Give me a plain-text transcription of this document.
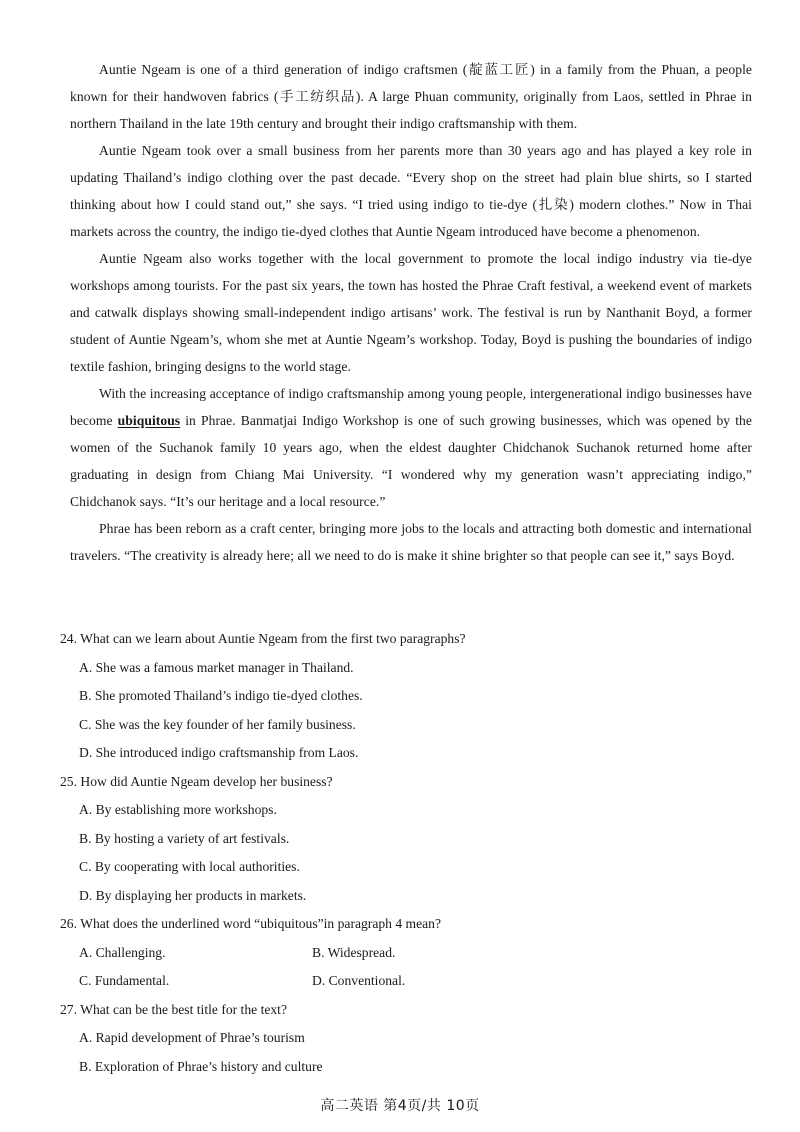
Auntie Ngeam is one of a third generation of indigo craftsmen (靛蓝工匠) in a family from the Phuan, a people known for their handwoven fabrics (手工纺织品). A large Phuan community, originally from Laos, settled in Phrae in northern Thailand in the late 19th century and brought their indigo craftsmanship with them.

Auntie Ngeam took over a small business from her parents more than 30 years ago and has played a key role in updating Thailand’s indigo clothing over the past decade. “Every shop on the street had plain blue shirts, so I started thinking about how I could stand out,” she says. “I tried using indigo to tie-dye (扎染) modern clothes.” Now in Thai markets across the country, the indigo tie-dyed clothes that Auntie Ngeam introduced have become a phenomenon.

Auntie Ngeam also works together with the local government to promote the local indigo industry via tie-dye workshops among tourists. For the past six years, the town has hosted the Phrae Craft festival, a weekend event of markets and catwalk displays showing small-independent indigo artisans’ work. The festival is run by Nanthanit Boyd, a former student of Auntie Ngeam’s, whom she met at Auntie Ngeam’s workshop. Today, Boyd is pushing the boundaries of indigo textile fashion, bringing designs to the world stage.

With the increasing acceptance of indigo craftsmanship among young people, intergenerational indigo businesses have become ubiquitous in Phrae. Banmatjai Indigo Workshop is one of such growing businesses, which was opened by the women of the Suchanok family 10 years ago, when the eldest daughter Chidchanok Suchanok returned home after graduating in design from Chiang Mai University. “I wondered why my generation wasn’t appreciating indigo,” Chidchanok says. “It’s our heritage and a local resource.”

Phrae has been reborn as a craft center, bringing more jobs to the locals and attracting both domestic and international travelers. “The creativity is already here; all we need to do is make it shine brighter so that people can see it,” says Boyd.

24. What can we learn about Auntie Ngeam from the first two paragraphs?

A. She was a famous market manager in Thailand.

B. She promoted Thailand’s indigo tie-dyed clothes.

C. She was the key founder of her family business.

D. She introduced indigo craftsmanship from Laos.

25. How did Auntie Ngeam develop her business?

A. By establishing more workshops.

B. By hosting a variety of art festivals.

C. By cooperating with local authorities.

D. By displaying her products in markets.

26. What does the underlined word “ubiquitous”in paragraph 4 mean?

A. Challenging.	B. Widespread.

C. Fundamental.	D. Conventional.

27. What can be the best title for the text?

A. Rapid development of Phrae’s tourism

B. Exploration of Phrae’s history and culture

高二英语 第4页/共 10页
